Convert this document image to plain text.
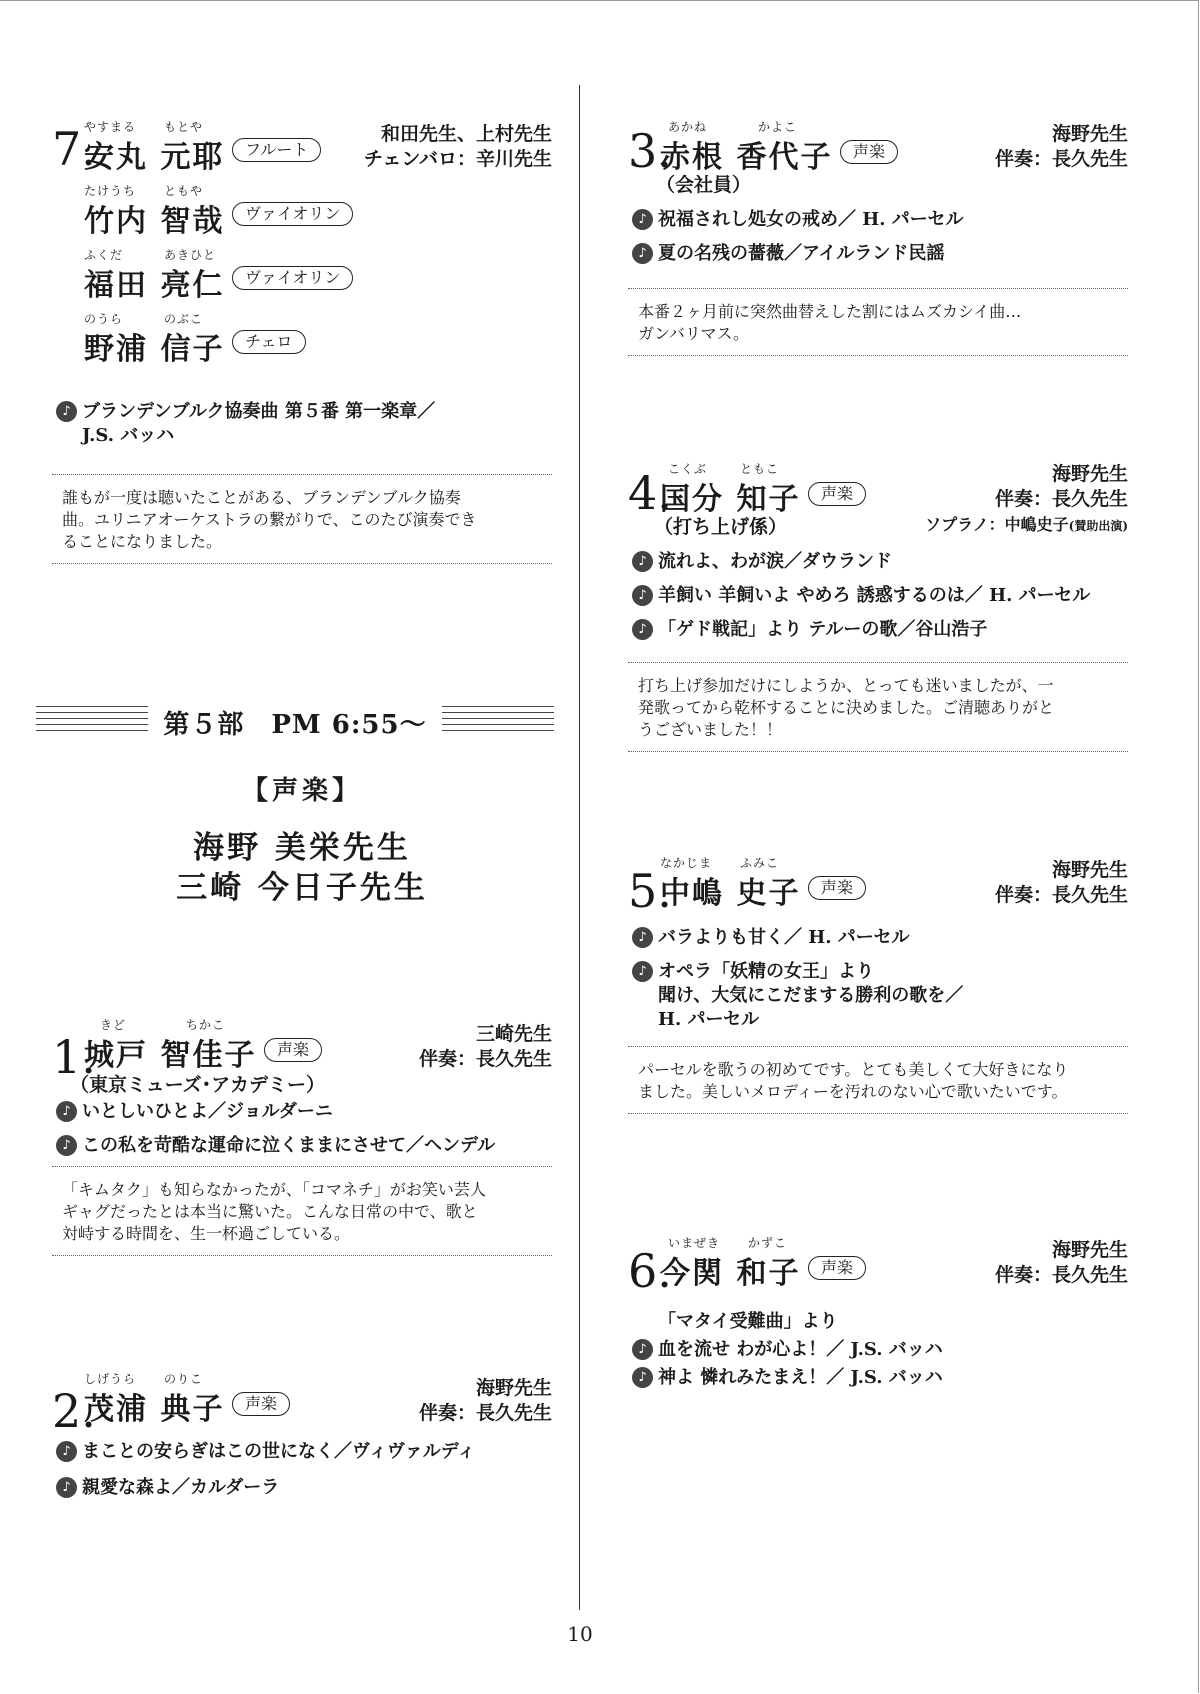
7.	和田先生、上村先生
チェンバロ：辛川先生
やすまる もとや
安丸 元耶	フルート
たけうち ともや
竹内 智哉	ヴァイオリン
ふくだ	あきひと
福田 亮仁	ヴァイオリン
のうら	のぶこ
野浦 信子	チェロ
♪ ブランデンブルク協奏曲 第５番 第一楽章／
J.S. バッハ
誰もが一度は聴いたことがある、ブランデンブルク協奏
曲。ユリニアオーケストラの繋がりで、このたび演奏でき
ることになりました。
第５部　PM 6:55～
【声楽】
海野 美栄先生
三崎 今日子先生
1.
きど	ちかこ
城戸 智佳子	声楽
三崎先生
伴奏：長久先生
（東京ミューズ･アカデミー）
♪ いとしいひとよ／ジョルダーニ
♪ この私を苛酷な運命に泣くままにさせて／ヘンデル
「キムタク」も知らなかったが、「コマネチ」がお笑い芸人
ギャグだったとは本当に驚いた。こんな日常の中で、歌と
対峙する時間を、生一杯過ごしている。
2.
しげうら のりこ
茂浦 典子	声楽
海野先生
伴奏：長久先生
♪ まことの安らぎはこの世になく／ヴィヴァルディ
♪ 親愛な森よ／カルダーラ
3.
あかね	かよこ
赤根 香代子	声楽
海野先生
伴奏：長久先生
（会社員）
♪ 祝福されし処女の戒め／ H. パーセル
♪ 夏の名残の薔薇／アイルランド民謡
本番２ヶ月前に突然曲替えした割にはムズカシイ曲…
ガンバリマス。
4.
こくぶ	ともこ
国分 知子	声楽
海野先生
伴奏：長久先生
ソプラノ：中嶋史子(賛助出演)
（打ち上げ係）
♪ 流れよ、わが涙／ダウランド
♪ 羊飼い 羊飼いよ やめろ 誘惑するのは／ H. パーセル
♪ 「ゲド戦記」より テルーの歌／谷山浩子
打ち上げ参加だけにしようか、とっても迷いましたが、一
発歌ってから乾杯することに決めました。ご清聴ありがと
うございました！！
5.
なかじま ふみこ
中嶋 史子	声楽
海野先生
伴奏：長久先生
♪ バラよりも甘く／ H. パーセル
♪ オペラ「妖精の女王」より
聞け、大気にこだまする勝利の歌を／
H. パーセル
パーセルを歌うの初めてです。とても美しくて大好きになり
ました。美しいメロディーを汚れのない心で歌いたいです。
6.
いまぜき かずこ
今関 和子	声楽
海野先生
伴奏：長久先生
「マタイ受難曲」より
♪ 血を流せ わが心よ！／ J.S. バッハ
♪ 神よ 憐れみたまえ！／ J.S. バッハ
10
